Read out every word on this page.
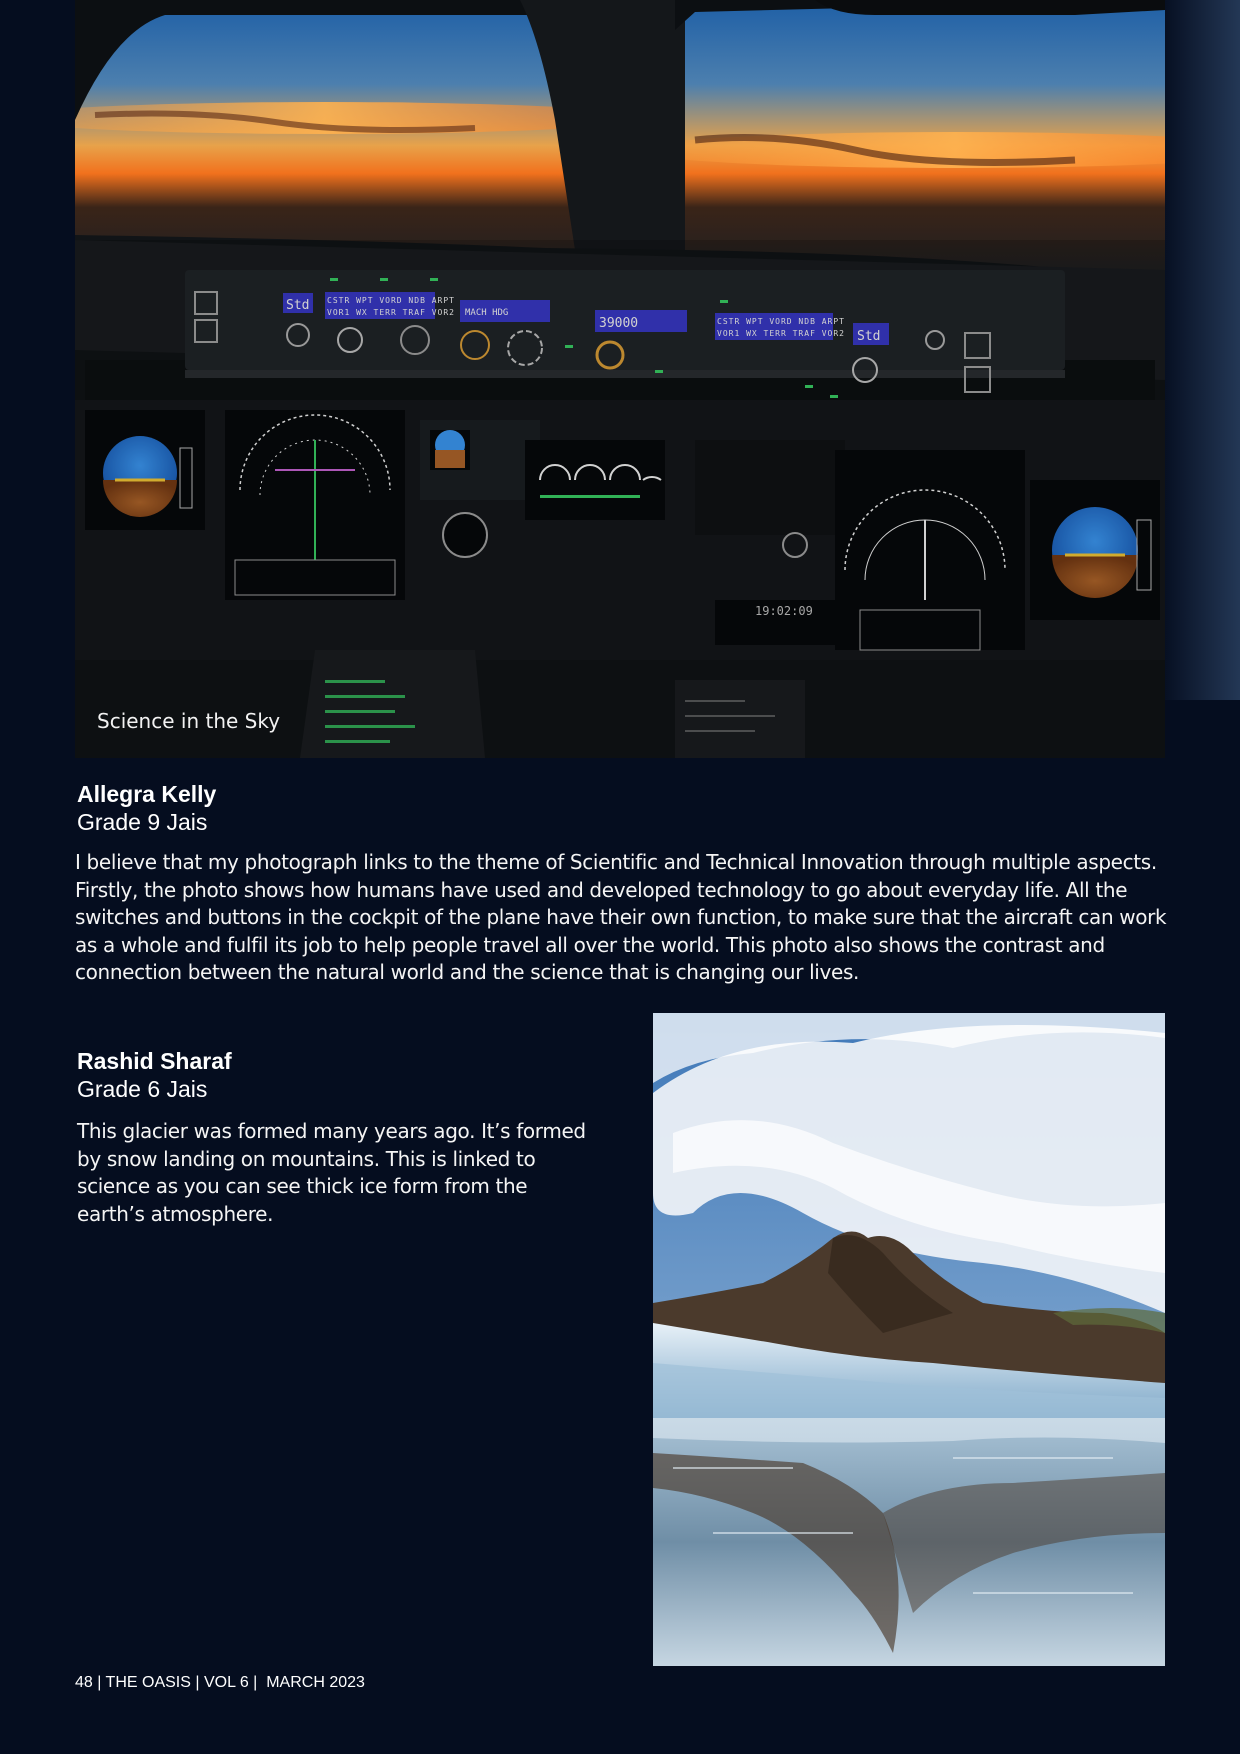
Std CSTR WPT VORD NDB ARPT
VOR1 WX TERR TRAF VOR2 MACH HDG
39000	CSTR WPT VORD NDB ARPT
VOR1 WX TERR TRAF VOR2 Std
19:02:09
Science in the Sky
Allegra Kelly
Grade 9 Jais
I believe that my photograph links to the theme of Scientific and Technical Innovation through multiple aspects. Firstly, the photo shows how humans have used and developed technology to go about everyday life. All the switches and buttons in the cockpit of the plane have their own function, to make sure that the aircraft can work as a whole and fulfil its job to help people travel all over the world. This photo also shows the contrast and connection between the natural world and the science that is changing our lives.
Rashid Sharaf
Grade 6 Jais
This glacier was formed many years ago. It’s formed by snow landing on mountains. This is linked to science as you can see thick ice form from the earth’s atmosphere.
48 | THE OASIS | VOL 6 |  MARCH 2023
